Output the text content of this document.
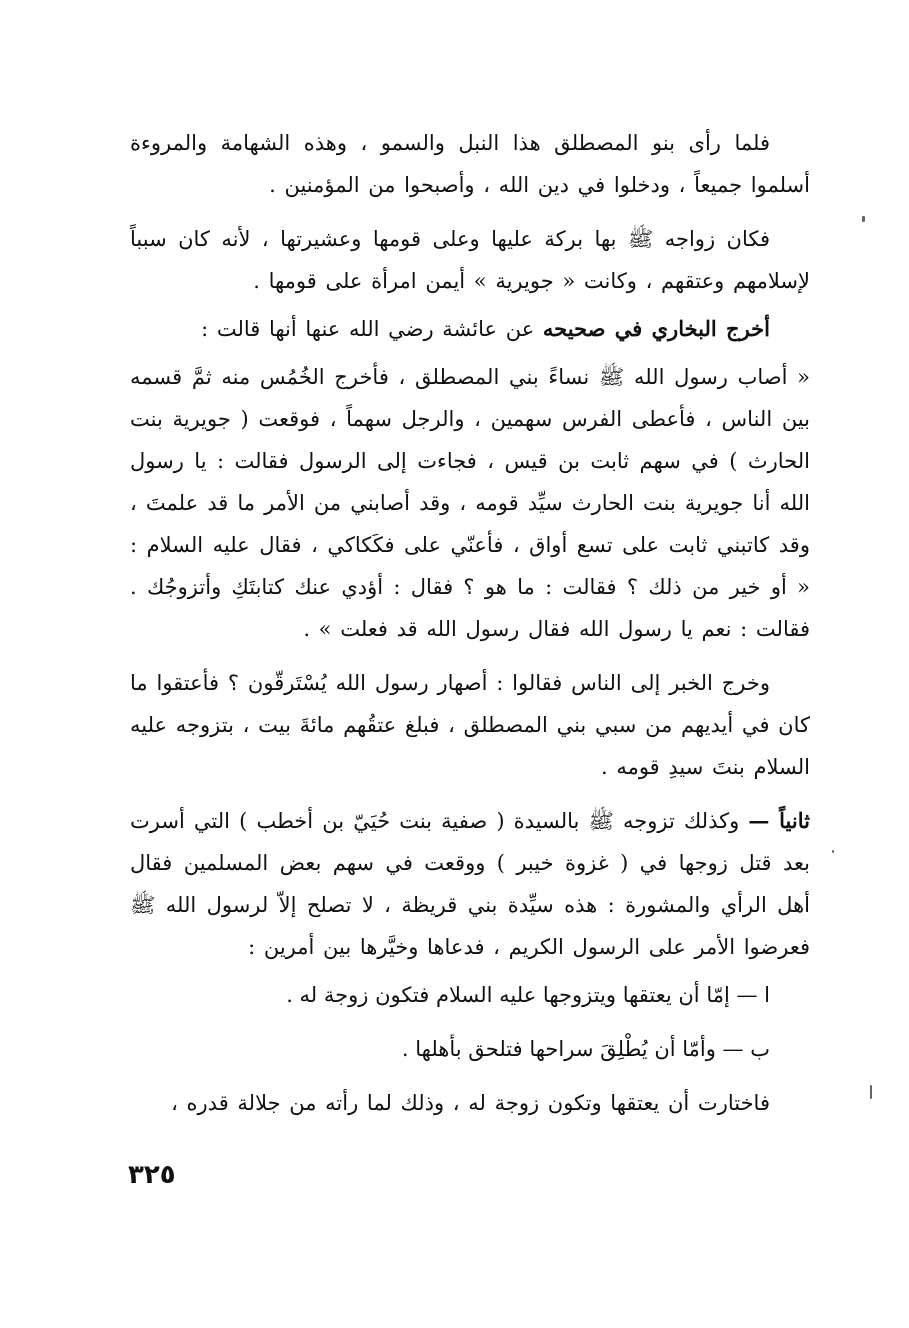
فلما رأى بنو المصطلق هذا النبل والسمو ، وهذه الشهامة والمروءة أسلموا جميعاً ، ودخلوا في دين الله ، وأصبحوا من المؤمنين .

فكان زواجه ﷺ بها بركة عليها وعلى قومها وعشيرتها ، لأنه كان سبباً لإسلامهم وعتقهم ، وكانت « جويرية » أيمن امرأة على قومها .

أخرج البخاري في صحيحه عن عائشة رضي الله عنها أنها قالت :

« أصاب رسول الله ﷺ نساءً بني المصطلق ، فأخرج الخُمُس منه ثمَّ قسمه بين الناس ، فأعطى الفرس سهمين ، والرجل سهماً ، فوقعت ( جويرية بنت الحارث ) في سهم ثابت بن قيس ، فجاءت إلى الرسول فقالت : يا رسول الله أنا جويرية بنت الحارث سيِّد قومه ، وقد أصابني من الأمر ما قد علمتَ ، وقد كاتبني ثابت على تسع أواق ، فأعنّي على فكَكاكي ، فقال عليه السلام : « أو خير من ذلك ؟ فقالت : ما هو ؟ فقال : أؤدي عنك كتابتَكِ وأتزوجُك . فقالت : نعم يا رسول الله فقال رسول الله قد فعلت » .

وخرج الخبر إلى الناس فقالوا : أصهار رسول الله يُسْتَرقّون ؟ فأعتقوا ما كان في أيديهم من سبي بني المصطلق ، فبلغ عتقُهم مائةَ بيت ، بتزوجه عليه السلام بنتَ سيدِ قومه .

ثانياً — وكذلك تزوجه ﷺ بالسيدة ( صفية بنت حُيَيّ بن أخطب ) التي أسرت بعد قتل زوجها في ( غزوة خيبر ) ووقعت في سهم بعض المسلمين فقال أهل الرأي والمشورة : هذه سيِّدة بني قريظة ، لا تصلح إلاّ لرسول الله ﷺ فعرضوا الأمر على الرسول الكريم ، فدعاها وخيَّرها بين أمرين :

ا — إمّا أن يعتقها ويتزوجها عليه السلام فتكون زوجة له .

ب — وأمّا أن يُطْلِقَ سراحها فتلحق بأهلها .

فاختارت أن يعتقها وتكون زوجة له ، وذلك لما رأته من جلالة قدره ،

٣٢٥
